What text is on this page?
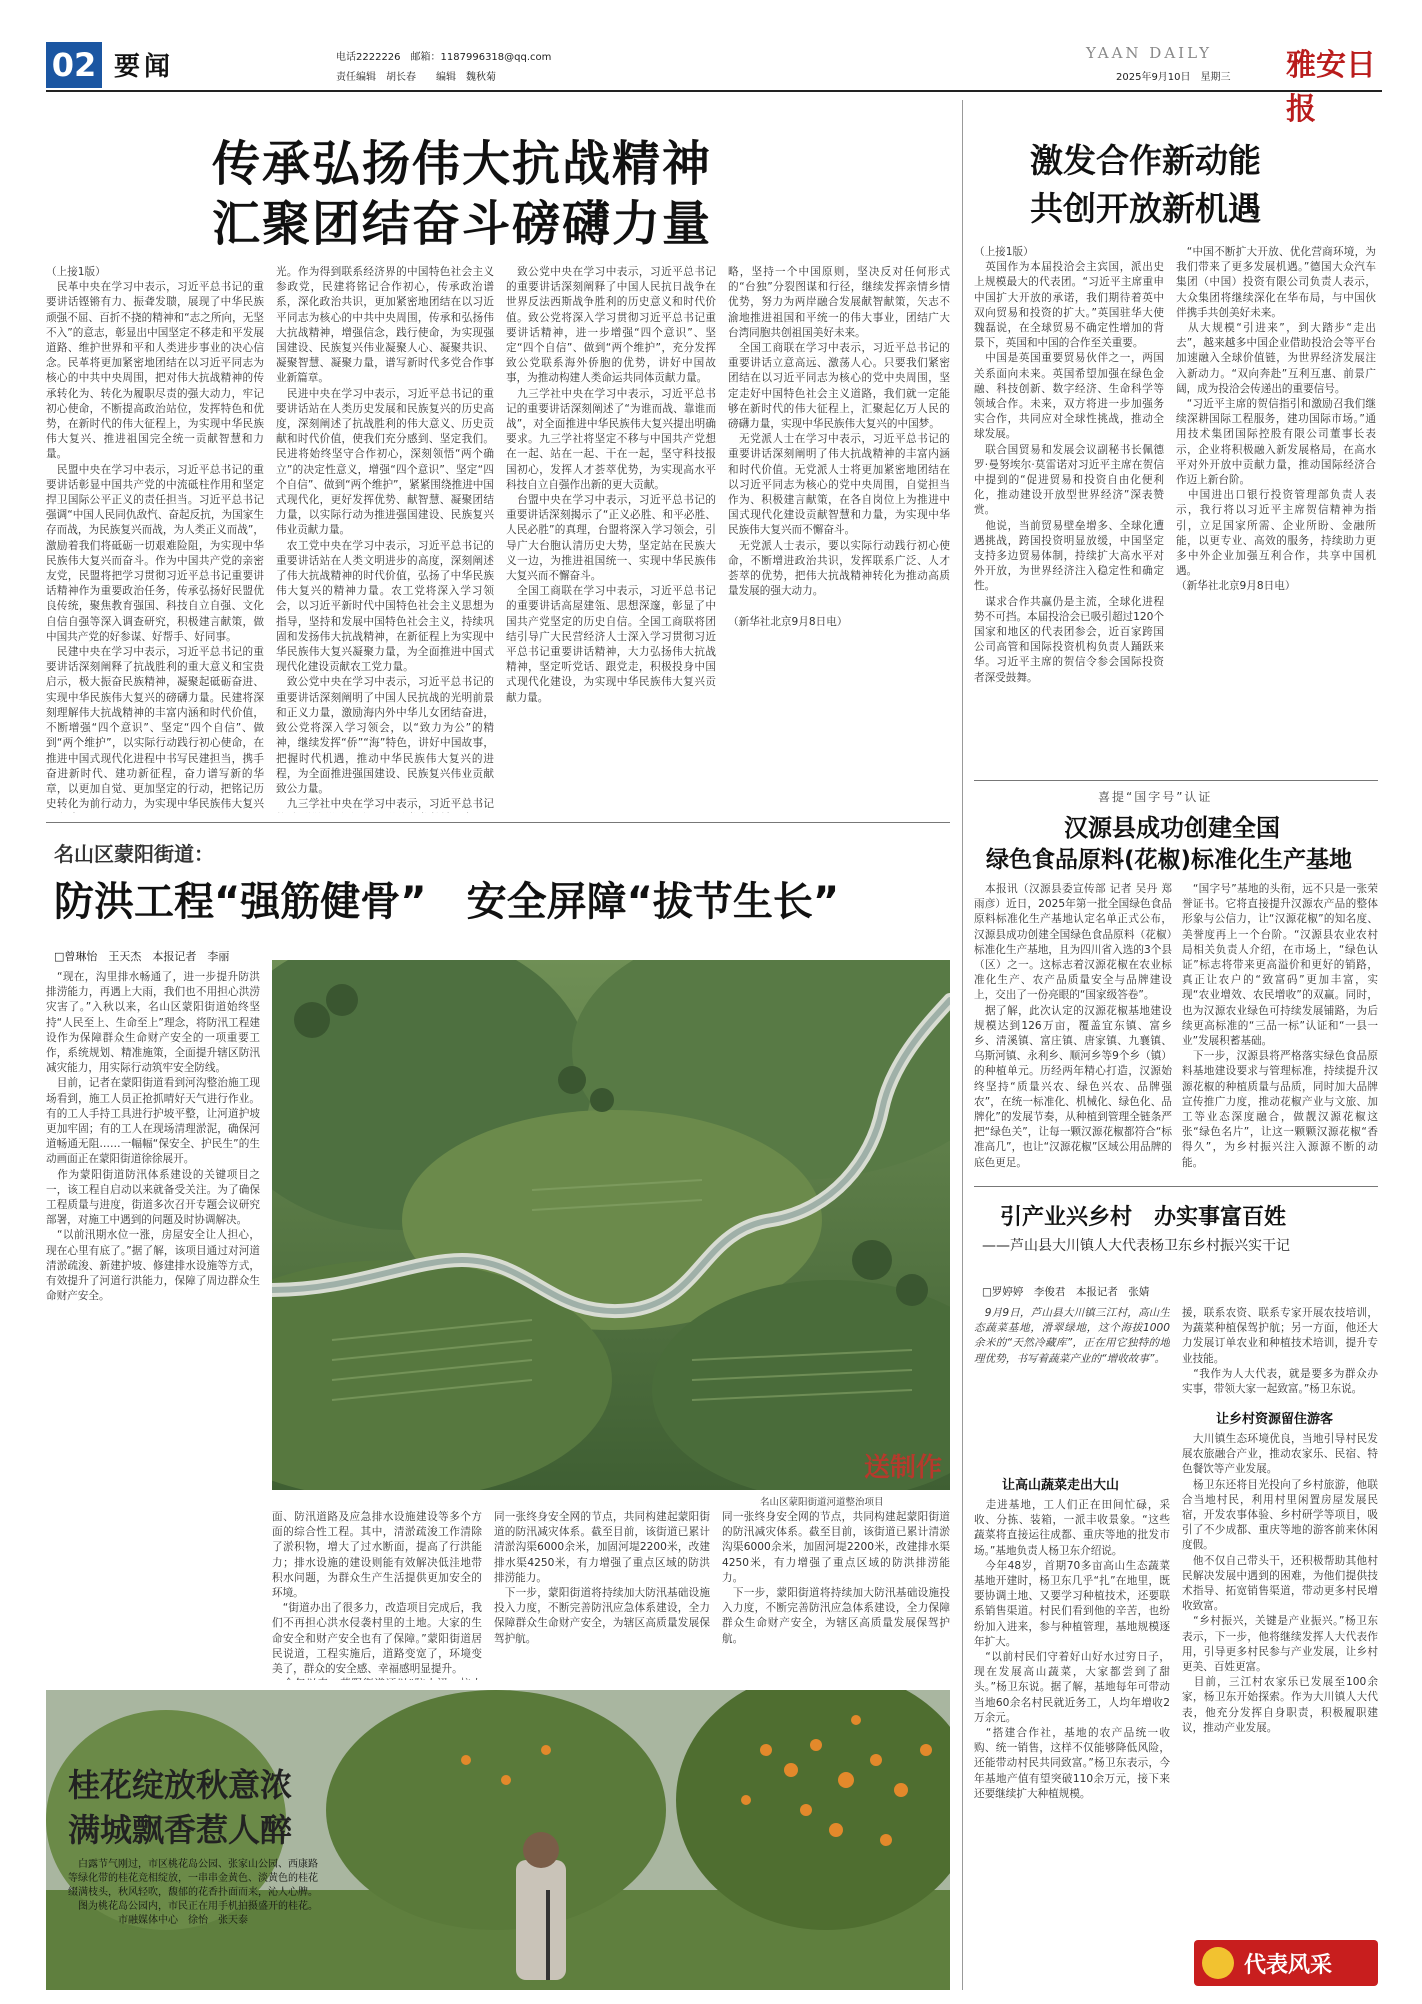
02 要闻	电话2222226　邮箱：1187996318@qq.com
责任编辑　胡长春　　编辑　魏秋菊
YAAN DAILY
2025年9月10日　星期三 雅安日报
传承弘扬伟大抗战精神
汇聚团结奋斗磅礴力量
（上接1版）
　民革中央在学习中表示，习近平总书记的重要讲话铿锵有力、振聋发聩，展现了中华民族顽强不屈、百折不挠的精神和“志之所向，无坚不入”的意志，彰显出中国坚定不移走和平发展道路、维护世界和平和人类进步事业的决心信念。民革将更加紧密地团结在以习近平同志为核心的中共中央周围，把对伟大抗战精神的传承转化为、转化为履职尽责的强大动力，牢记初心使命，不断提高政治站位，发挥特色和优势，在新时代的伟大征程上，为实现中华民族伟大复兴、推进祖国完全统一贡献智慧和力量。
　民盟中央在学习中表示，习近平总书记的重要讲话彰显中国共产党的中流砥柱作用和坚定捍卫国际公平正义的责任担当。习近平总书记强调“中国人民同仇敌忾、奋起反抗，为国家生存而战，为民族复兴而战，为人类正义而战”，激励着我们将砥砺一切艰难险阻，为实现中华民族伟大复兴而奋斗。作为中国共产党的亲密友党，民盟将把学习贯彻习近平总书记重要讲话精神作为重要政治任务，传承弘扬好民盟优良传统，聚焦教育强国、科技自立自强、文化自信自强等深入调查研究，积极建言献策，做中国共产党的好参谋、好帮手、好同事。
　民建中央在学习中表示，习近平总书记的重要讲话深刻阐释了抗战胜利的重大意义和宝贵启示，极大振奋民族精神，凝聚起砥砺奋进、实现中华民族伟大复兴的磅礴力量。民建将深刻理解伟大抗战精神的丰富内涵和时代价值，不断增强“四个意识”、坚定“四个自信”、做到“两个维护”，以实际行动践行初心使命，在推进中国式现代化进程中书写民建担当，携手奋进新时代、建功新征程，奋力谱写新的华章，以更加自觉、更加坚定的行动，把铭记历史转化为前行动力，为实现中华民族伟大复兴
光。作为得到联系经济界的中国特色社会主义参政党，民建将铭记合作初心，传承政治谱系，深化政治共识，更加紧密地团结在以习近平同志为核心的中共中央周围，传承和弘扬伟大抗战精神，增强信念，践行使命，为实现强国建设、民族复兴伟业凝聚人心、凝聚共识、凝聚智慧、凝聚力量，谱写新时代多党合作事业新篇章。
　民进中央在学习中表示，习近平总书记的重要讲话站在人类历史发展和民族复兴的历史高度，深刻阐述了抗战胜利的伟大意义、历史贡献和时代价值，使我们充分感到、坚定我们。民进将始终坚守合作初心，深刻领悟“两个确立”的决定性意义，增强“四个意识”、坚定“四个自信”、做到“两个维护”，紧紧围绕推进中国式现代化，更好发挥优势、献智慧、凝聚团结力量，以实际行动为推进强国建设、民族复兴伟业贡献力量。
　农工党中央在学习中表示，习近平总书记的重要讲话站在人类文明进步的高度，深刻阐述了伟大抗战精神的时代价值，弘扬了中华民族伟大复兴的精神力量。农工党将深入学习领会，以习近平新时代中国特色社会主义思想为指导，坚持和发展中国特色社会主义，持续巩固和发扬伟大抗战精神，在新征程上为实现中华民族伟大复兴凝聚力量，为全面推进中国式现代化建设贡献农工党力量。
　致公党中央在学习中表示，习近平总书记的重要讲话深刻阐明了中国人民抗战的光明前景和正义力量，激励海内外中华儿女团结奋进，致公党将深入学习领会，以“致力为公”的精神，继续发挥“侨”“海”特色，讲好中国故事，把握时代机遇，推动中华民族伟大复兴的进程，为全面推进强国建设、民族复兴伟业贡献致公力量。
　九三学社中央在学习中表示，习近平总书记

　致公党中央在学习中表示，习近平总书记的重要讲话深刻阐释了中国人民抗日战争在世界反法西斯战争胜利的历史意义和时代价值。致公党将深入学习贯彻习近平总书记重要讲话精神，进一步增强“四个意识”、坚定“四个自信”、做到“两个维护”，充分发挥致公党联系海外侨胞的优势，讲好中国故事，为推动构建人类命运共同体贡献力量。
　九三学社中央在学习中表示，习近平总书记的重要讲话深刻阐述了“为谁而战、靠谁而战”，对全面推进中华民族伟大复兴提出明确要求。九三学社将坚定不移与中国共产党想在一起、站在一起、干在一起，坚守科技报国初心，发挥人才荟萃优势，为实现高水平科技自立自强作出新的更大贡献。
　台盟中央在学习中表示，习近平总书记的重要讲话深刻揭示了“正义必胜、和平必胜、人民必胜”的真理，台盟将深入学习领会，引导广大台胞认清历史大势，坚定站在民族大义一边，为推进祖国统一、实现中华民族伟大复兴而不懈奋斗。
　全国工商联在学习中表示，习近平总书记的重要讲话高屋建瓴、思想深邃，彰显了中国共产党坚定的历史自信。全国工商联将团结引导广大民营经济人士深入学习贯彻习近平总书记重要讲话精神，大力弘扬伟大抗战精神，坚定听党话、跟党走，积极投身中国式现代化建设，为实现中华民族伟大复兴贡献力量。
略，坚持一个中国原则，坚决反对任何形式的“台独”分裂图谋和行径，继续发挥亲情乡情优势，努力为两岸融合发展献智献策，矢志不渝地推进祖国和平统一的伟大事业，团结广大台湾同胞共创祖国美好未来。
　全国工商联在学习中表示，习近平总书记的重要讲话立意高远、激荡人心。只要我们紧密团结在以习近平同志为核心的党中央周围，坚定走好中国特色社会主义道路，我们就一定能够在新时代的伟大征程上，汇聚起亿万人民的磅礴力量，实现中华民族伟大复兴的中国梦。
　无党派人士在学习中表示，习近平总书记的重要讲话深刻阐明了伟大抗战精神的丰富内涵和时代价值。无党派人士将更加紧密地团结在以习近平同志为核心的党中央周围，自觉担当作为、积极建言献策，在各自岗位上为推进中国式现代化建设贡献智慧和力量，为实现中华民族伟大复兴而不懈奋斗。
　无党派人士表示，要以实际行动践行初心使命，不断增进政治共识，发挥联系广泛、人才荟萃的优势，把伟大抗战精神转化为推动高质量发展的强大动力。

（新华社北京9月8日电）
激发合作新动能
共创开放新机遇
（上接1版）
　英国作为本届投洽会主宾国，派出史上规模最大的代表团。“习近平主席重申中国扩大开放的承诺，我们期待着英中双向贸易和投资的扩大。”英国驻华大使魏磊说，在全球贸易不确定性增加的背景下，英国和中国的合作至关重要。
　中国是英国重要贸易伙伴之一，两国关系面向未来。英国希望加强在绿色金融、科技创新、数字经济、生命科学等领域合作。未来，双方将进一步加强务实合作，共同应对全球性挑战，推动全球发展。
　联合国贸易和发展会议副秘书长佩德罗·曼努埃尔·莫雷诺对习近平主席在贺信中提到的“促进贸易和投资自由化便利化，推动建设开放型世界经济”深表赞赏。
　他说，当前贸易壁垒增多、全球化遭遇挑战，跨国投资明显放缓，中国坚定支持多边贸易体制，持续扩大高水平对外开放，为世界经济注入稳定性和确定性。
　谋求合作共赢仍是主流，全球化进程势不可挡。本届投洽会已吸引超过120个国家和地区的代表团参会，近百家跨国公司高管和国际投资机构负责人踊跃来华。习近平主席的贺信令参会国际投资者深受鼓舞。
　“中国不断扩大开放、优化营商环境，为我们带来了更多发展机遇。”德国大众汽车集团（中国）投资有限公司负责人表示，大众集团将继续深化在华布局，与中国伙伴携手共创美好未来。
　从大规模“引进来”，到大踏步“走出去”，越来越多中国企业借助投洽会等平台加速融入全球价值链，为世界经济发展注入新动力。“双向奔赴”互利互惠、前景广阔，成为投洽会传递出的重要信号。
　“习近平主席的贺信指引和激励召我们继续深耕国际工程服务，建功国际市场。”通用技术集团国际控股有限公司董事长表示，企业将积极融入新发展格局，在高水平对外开放中贡献力量，推动国际经济合作迈上新台阶。
　中国进出口银行投资管理部负责人表示，我行将以习近平主席贺信精神为指引，立足国家所需、企业所盼、金融所能，以更专业、高效的服务，持续助力更多中外企业加强互利合作，共享中国机遇。
（新华社北京9月8日电）
喜提“国字号”认证
汉源县成功创建全国
绿色食品原料(花椒)标准化生产基地
　本报讯（汉源县委宣传部 记者 吴丹 郑雨彦）近日，2025年第一批全国绿色食品原料标准化生产基地认定名单正式公布，汉源县成功创建全国绿色食品原料（花椒）标准化生产基地，且为四川省入选的3个县（区）之一。这标志着汉源花椒在农业标准化生产、农产品质量安全与品牌建设上，交出了一份亮眼的“国家级答卷”。
　据了解，此次认定的汉源花椒基地建设规模达到126万亩，覆盖宜东镇、富乡乡、清溪镇、富庄镇、唐家镇、九襄镇、乌斯河镇、永利乡、顺河乡等9个乡（镇）的种植单元。历经两年精心打造，汉源始终坚持“质量兴农、绿色兴农、品牌强农”，在统一标准化、机械化、绿色化、品牌化”的发展节奏，从种植到管理全链条严把“绿色关”，让每一颗汉源花椒都符合“标准高几”，也让“汉源花椒”区域公用品牌的底色更足。
　“国字号”基地的头衔，远不只是一张荣誉证书。它将直接提升汉源农产品的整体形象与公信力，让“汉源花椒”的知名度、美誉度再上一个台阶。“汉源县农业农村局相关负责人介绍，在市场上，“绿色认证”标志将带来更高溢价和更好的销路，真正让农户的“致富码”更加丰富，实现“农业增效、农民增收”的双赢。同时，也为汉源农业绿色可持续发展铺路，为后续更高标准的“三品一标”认证和“一县一业”发展积蓄基础。
　下一步，汉源县将严格落实绿色食品原料基地建设要求与管理标准，持续提升汉源花椒的种植质量与品质，同时加大品牌宣传推广力度，推动花椒产业与文旅、加工等业态深度融合，做靓汉源花椒这张“绿色名片”，让这一颗颗汉源花椒“香得久”，为乡村振兴注入源源不断的动能。
名山区蒙阳街道：
防洪工程“强筋健骨”　安全屏障“拔节生长”
□曾琳怡　王天杰　本报记者　李丽
　“现在，沟里排水畅通了，进一步提升防洪排涝能力，再遇上大雨，我们也不用担心洪涝灾害了。”入秋以来，名山区蒙阳街道始终坚持“人民至上、生命至上”理念，将防汛工程建设作为保障群众生命财产安全的一项重要工作，系统规划、精准施策，全面提升辖区防汛减灾能力，用实际行动筑牢安全防线。
　目前，记者在蒙阳街道看到河沟整治施工现场看到，施工人员正抢抓晴好天气进行作业。有的工人手持工具进行护坡平整，让河道护坡更加牢固；有的工人在现场清理淤泥，确保河道畅通无阻……一幅幅“保安全、护民生”的生动画面正在蒙阳街道徐徐展开。
　作为蒙阳街道防汛体系建设的关键项目之一，该工程自启动以来就备受关注。为了确保工程质量与进度，街道多次召开专题会议研究部署，对施工中遇到的问题及时协调解决。
　“以前汛期水位一涨，房屋安全让人担心，现在心里有底了。”据了解，该项目通过对河道清淤疏浚、新建护坡、修建排水设施等方式，有效提升了河道行洪能力，保障了周边群众生命财产安全。
送制作
名山区蒙阳街道河道整治项目
面、防汛道路及应急排水设施建设等多个方面的综合性工程。其中，清淤疏浚工作清除了淤积物，增大了过水断面，提高了行洪能力；排水设施的建设则能有效解决低洼地带积水问题，为群众生产生活提供更加安全的环境。
　“街道办出了很多力，改造项目完成后，我们不再担心洪水侵袭村里的土地。大家的生命安全和财产安全也有了保障。”蒙阳街道居民说道，工程实施后，道路变宽了，环境变美了，群众的安全感、幸福感明显提升。

同一张终身安全网的节点，共同构建起蒙阳街道的防汛减灾体系。截至目前，该街道已累计清淤沟渠6000余米，加固河堤2200米，改建排水渠4250米，有力增强了重点区域的防洪排涝能力。
　下一步，蒙阳街道将持续加大防汛基础设施投入力度，不断完善防汛应急体系建设，全力保障群众生命财产安全，为辖区高质量发展保驾护航。
同一张终身安全网的节点，共同构建起蒙阳街道的防汛减灾体系。截至目前，该街道已累计清淤沟渠6000余米，加固河堤2200米，改建排水渠4250米，有力增强了重点区域的防洪排涝能力。
　下一步，蒙阳街道将持续加大防汛基础设施投入力度，不断完善防汛应急体系建设，全力保障群众生命财产安全，为辖区高质量发展保驾护航。
桂花绽放秋意浓
满城飘香惹人醉
　白露节气刚过，市区桃花岛公园、张家山公园、西康路等绿化带的桂花竞相绽放，一串串金黄色、淡黄色的桂花缀满枝头，秋风轻吹，馥郁的花香扑面而来，沁人心脾。
　图为桃花岛公园内，市民正在用手机拍摄盛开的桂花。
　　　　　市融媒体中心　徐怡　张天泰
引产业兴乡村　办实事富百姓
——芦山县大川镇人大代表杨卫东乡村振兴实干记
□罗婷婷　李俊君　本报记者　张婧
　9月9日，芦山县大川镇三江村，高山生态蔬菜基地，滑翠绿地，这个海拔1000余米的“天然冷藏库”，正在用它独特的地理优势，书写着蔬菜产业的“增收故事”。
让高山蔬菜走出大山
　走进基地，工人们正在田间忙碌，采收、分拣、装箱，一派丰收景象。“这些蔬菜将直接运往成都、重庆等地的批发市场。”基地负责人杨卫东介绍说。
　今年48岁，首期70多亩高山生态蔬菜基地开建时，杨卫东几乎“扎”在地里，既要协调土地、又要学习种植技术，还要联系销售渠道。村民们看到他的辛苦，也纷纷加入进来，参与种植管理，基地规模逐年扩大。
　“以前村民们守着好山好水过穷日子，现在发展高山蔬菜，大家都尝到了甜头。”杨卫东说。据了解，基地每年可带动当地60余名村民就近务工，人均年增收2万余元。
　“搭建合作社，基地的农产品统一收购、统一销售，这样不仅能够降低风险，还能带动村民共同致富。”杨卫东表示，今年基地产值有望突破110余万元，接下来还要继续扩大种植规模。
援，联系农资、联系专家开展农技培训，为蔬菜种植保驾护航；另一方面，他还大力发展订单农业和种植技术培训，提升专业技能。
　“我作为人大代表，就是要多为群众办实事，带领大家一起致富。”杨卫东说。
让乡村资源留住游客
　大川镇生态环境优良，当地引导村民发展农旅融合产业，推动农家乐、民宿、特色餐饮等产业发展。
　杨卫东还将目光投向了乡村旅游，他联合当地村民，利用村里闲置房屋发展民宿，开发农事体验、乡村研学等项目，吸引了不少成都、重庆等地的游客前来休闲度假。
　他不仅自己带头干，还积极帮助其他村民解决发展中遇到的困难，为他们提供技术指导、拓宽销售渠道，带动更多村民增收致富。
　“乡村振兴，关键是产业振兴。”杨卫东表示，下一步，他将继续发挥人大代表作用，引导更多村民参与产业发展，让乡村更美、百姓更富。
　目前，三江村农家乐已发展至100余家，杨卫东开始探索。作为大川镇人大代表，他充分发挥自身职责，积极履职建议，推动产业发展。
代表风采
